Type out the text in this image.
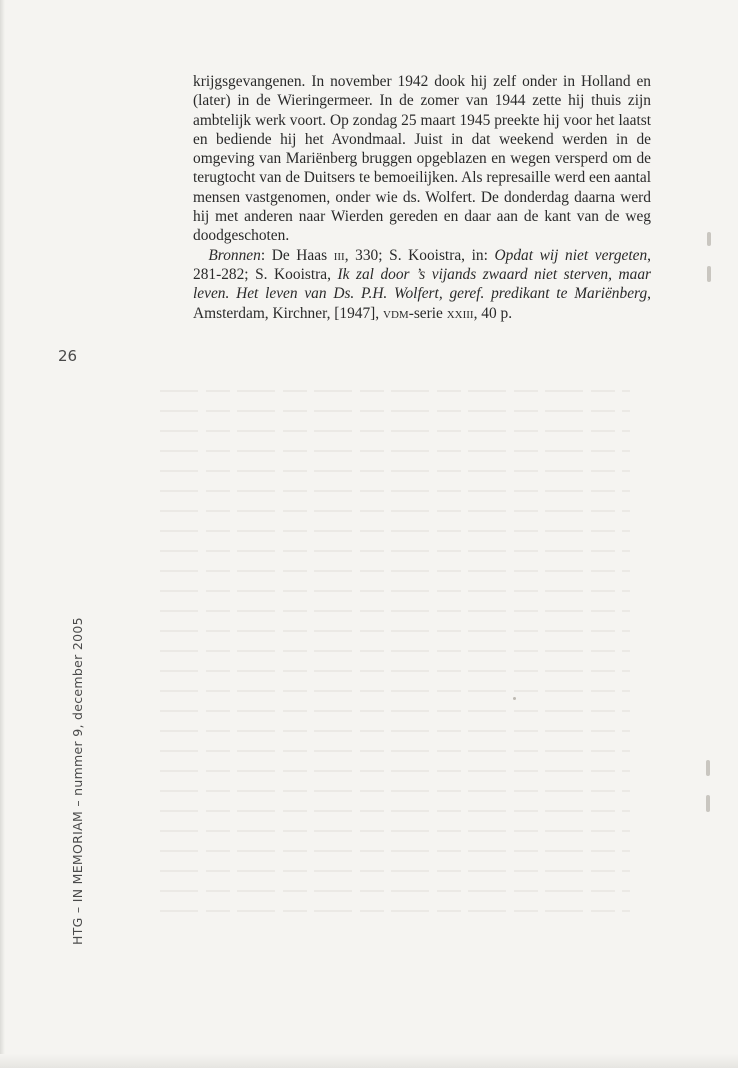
26
HTG – IN MEMORIAM – nummer 9, december 2005

krijgsgevangenen. In november 1942 dook hij zelf onder in Holland en (later) in de Wieringermeer. In de zomer van 1944 zette hij thuis zijn ambtelijk werk voort. Op zondag 25 maart 1945 preekte hij voor het laatst en bediende hij het Avondmaal. Juist in dat weekend werden in de omgeving van Mariënberg bruggen opgeblazen en wegen versperd om de terugtocht van de Duitsers te bemoeilijken. Als represaille werd een aantal mensen vastgenomen, onder wie ds. Wolfert. De donderdag daarna werd hij met anderen naar Wierden gereden en daar aan de kant van de weg doodgeschoten.

 Bronnen: De Haas iii, 330; S. Kooistra, in: Opdat wij niet vergeten, 281-282; S. Kooistra, Ik zal door ’s vijands zwaard niet sterven, maar leven. Het leven van Ds. P.H. Wolfert, geref. predikant te Mariënberg, Amsterdam, Kirchner, [1947], vdm-serie xxiii, 40 p.
